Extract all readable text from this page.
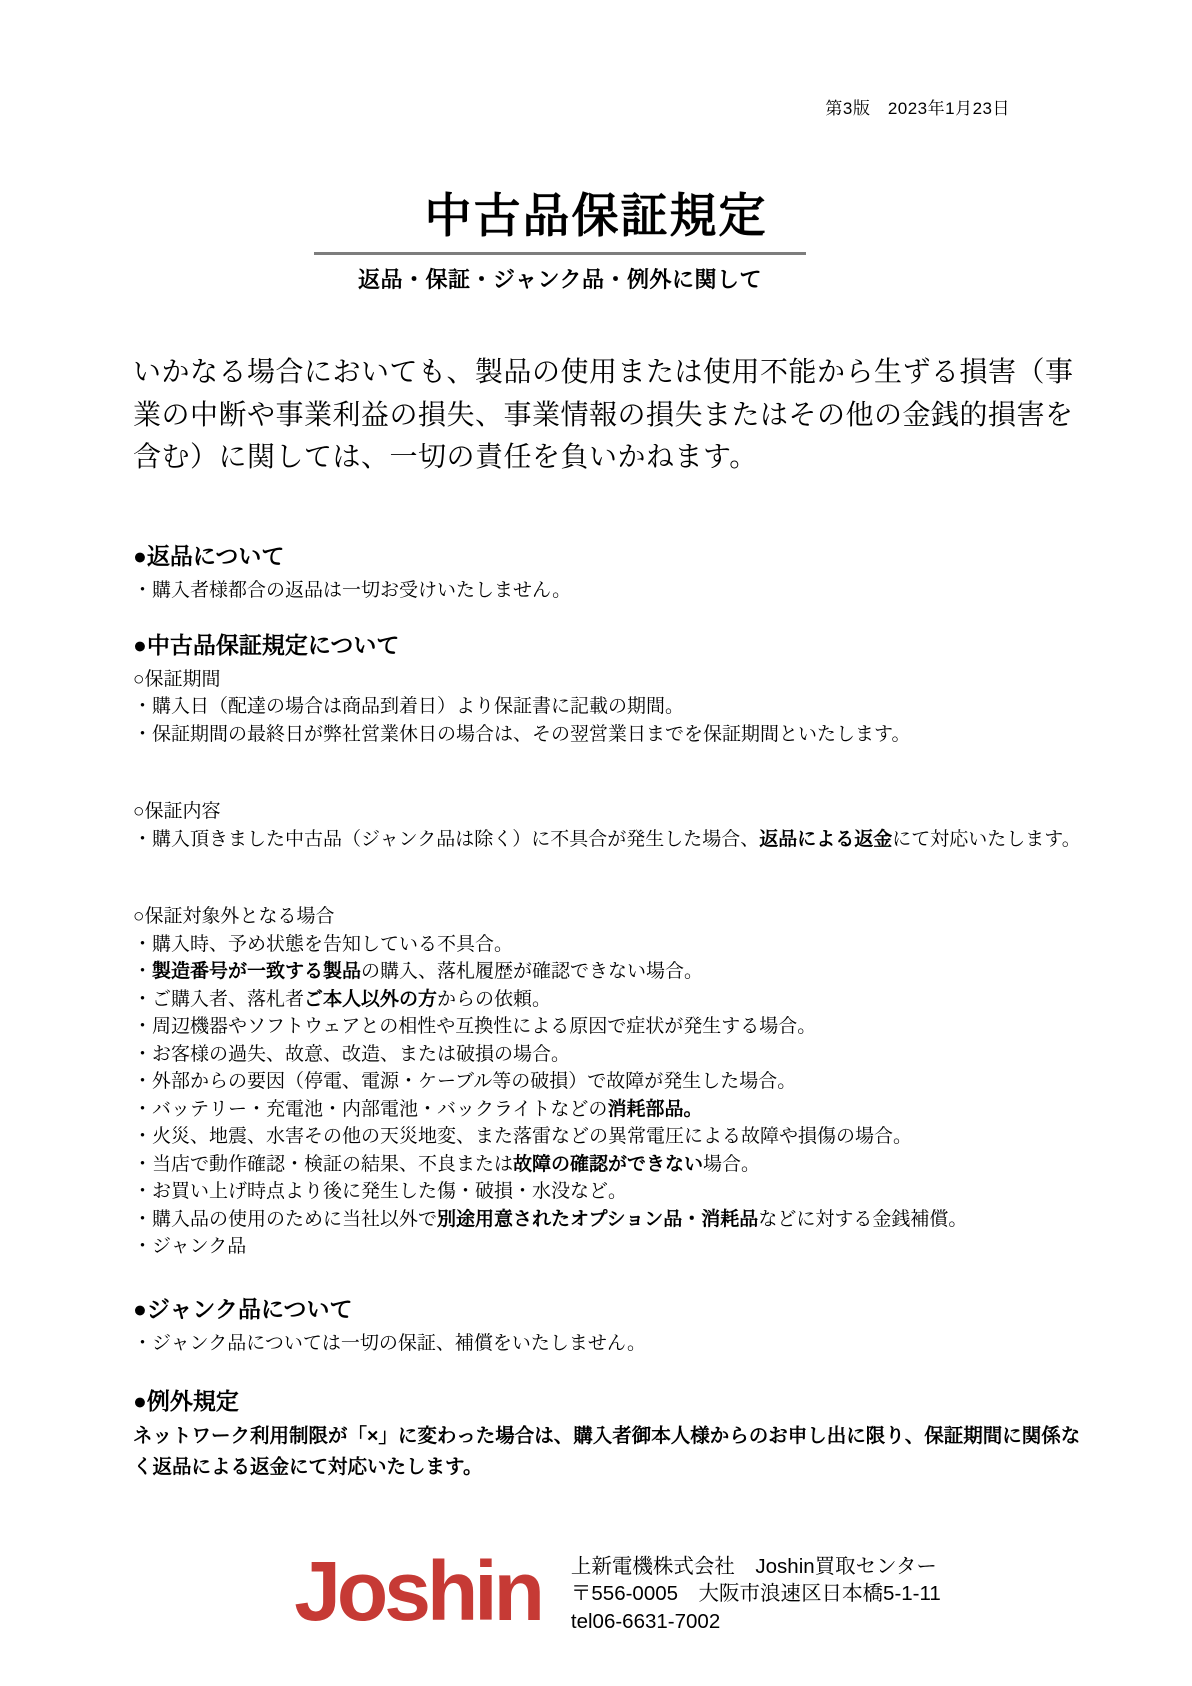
第3版　2023年1月23日

中古品保証規定

返品・保証・ジャンク品・例外に関して

いかなる場合においても、製品の使用または使用不能から生ずる損害（事業の中断や事業利益の損失、事業情報の損失またはその他の金銭的損害を含む）に関しては、一切の責任を負いかねます。

●返品について

・購入者様都合の返品は一切お受けいたしません。

●中古品保証規定について

○保証期間

・購入日（配達の場合は商品到着日）より保証書に記載の期間。

・保証期間の最終日が弊社営業休日の場合は、その翌営業日までを保証期間といたします。

○保証内容

・購入頂きました中古品（ジャンク品は除く）に不具合が発生した場合、返品による返金にて対応いたします。

○保証対象外となる場合

・購入時、予め状態を告知している不具合。

・製造番号が一致する製品の購入、落札履歴が確認できない場合。

・ご購入者、落札者ご本人以外の方からの依頼。

・周辺機器やソフトウェアとの相性や互換性による原因で症状が発生する場合。

・お客様の過失、故意、改造、または破損の場合。

・外部からの要因（停電、電源・ケーブル等の破損）で故障が発生した場合。

・バッテリー・充電池・内部電池・バックライトなどの消耗部品。

・火災、地震、水害その他の天災地変、また落雷などの異常電圧による故障や損傷の場合。

・当店で動作確認・検証の結果、不良または故障の確認ができない場合。

・お買い上げ時点より後に発生した傷・破損・水没など。

・購入品の使用のために当社以外で別途用意されたオプション品・消耗品などに対する金銭補償。

・ジャンク品

●ジャンク品について

・ジャンク品については一切の保証、補償をいたしません。

●例外規定

ネットワーク利用制限が「×」に変わった場合は、購入者御本人様からのお申し出に限り、保証期間に関係なく返品による返金にて対応いたします。

Joshin 上新電機株式会社　Joshin買取センター
〒556-0005　大阪市浪速区日本橋5-1-11
tel06-6631-7002
